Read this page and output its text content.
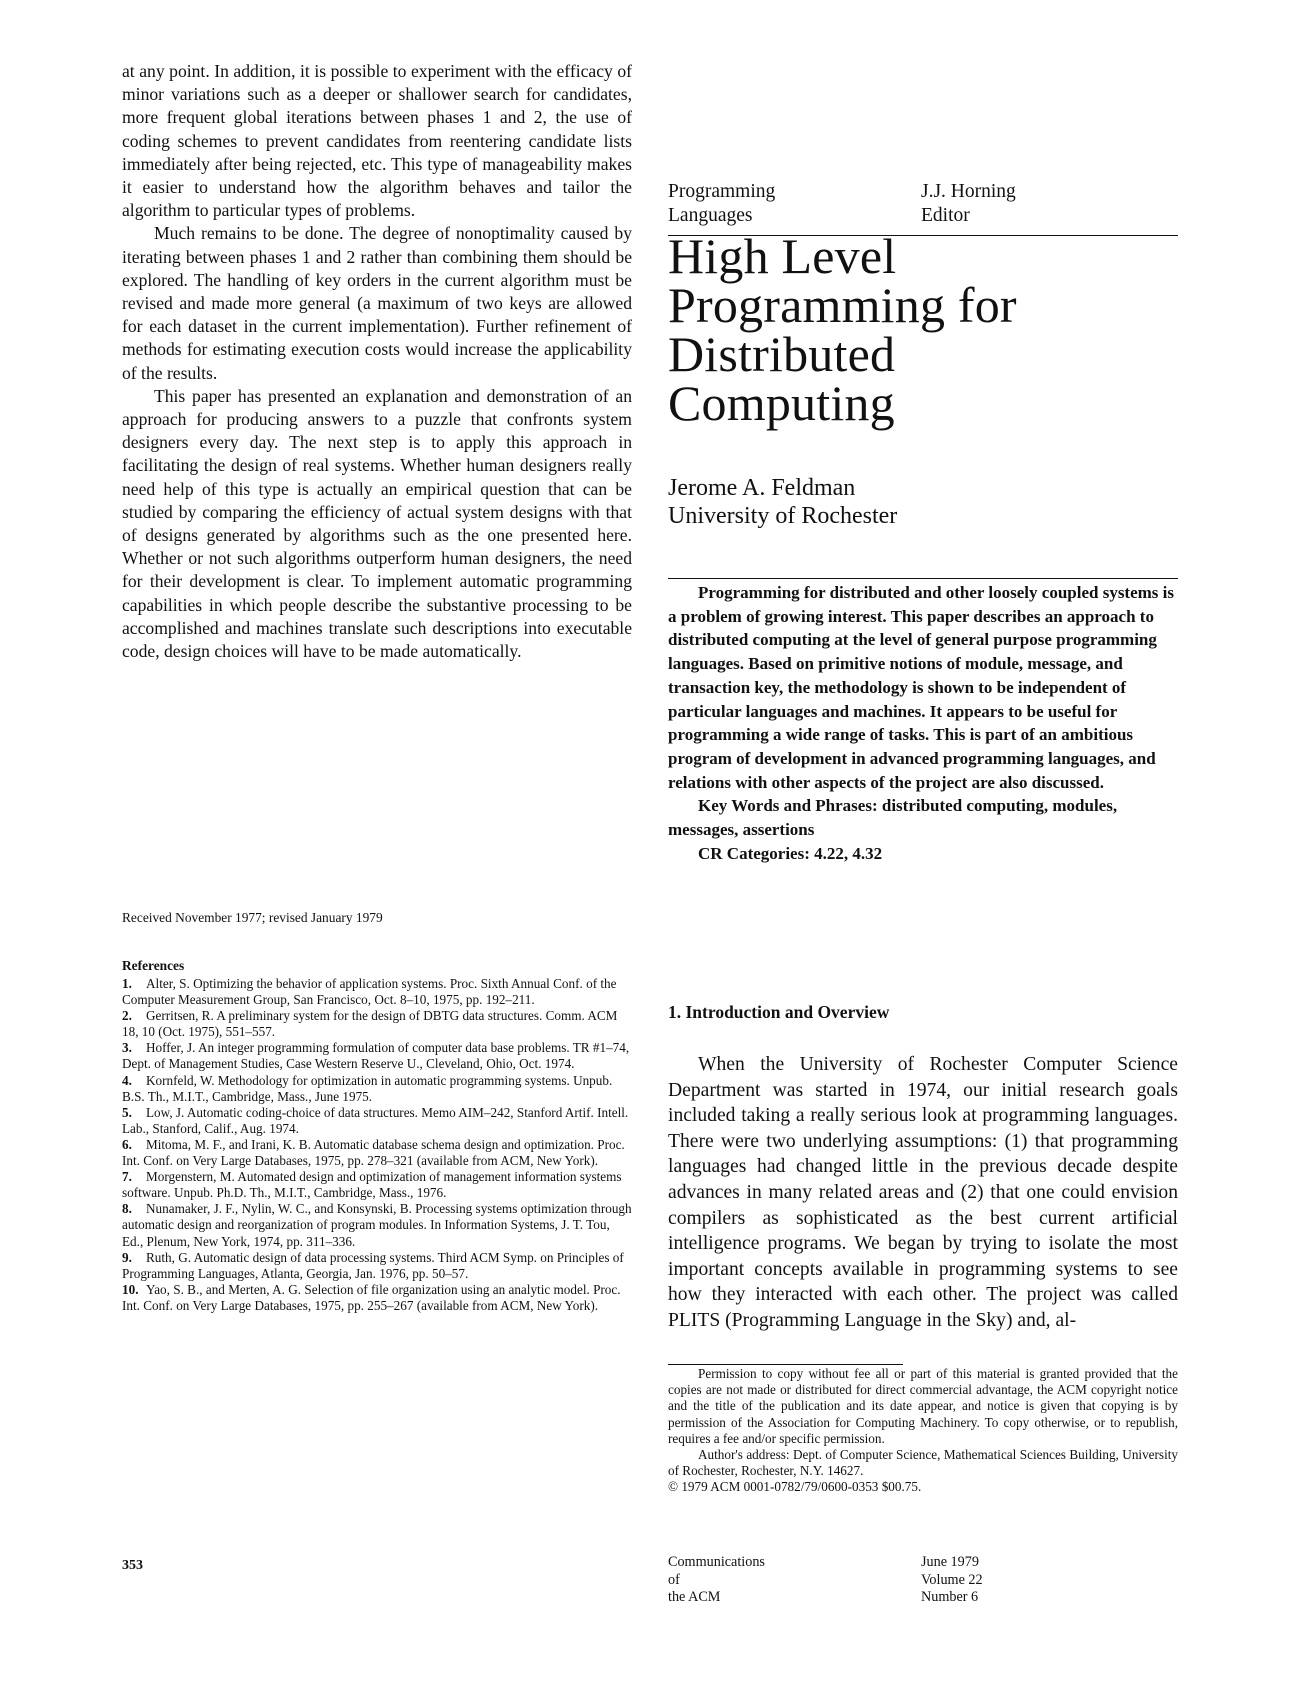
at any point. In addition, it is possible to experiment with the efficacy of minor variations such as a deeper or shallower search for candidates, more frequent global iterations between phases 1 and 2, the use of coding schemes to prevent candidates from reentering candidate lists immediately after being rejected, etc. This type of manageability makes it easier to understand how the algorithm behaves and tailor the algorithm to particular types of problems.

Much remains to be done. The degree of nonoptimality caused by iterating between phases 1 and 2 rather than combining them should be explored. The handling of key orders in the current algorithm must be revised and made more general (a maximum of two keys are allowed for each dataset in the current implementation). Further refinement of methods for estimating execution costs would increase the applicability of the results.

This paper has presented an explanation and demonstration of an approach for producing answers to a puzzle that confronts system designers every day. The next step is to apply this approach in facilitating the design of real systems. Whether human designers really need help of this type is actually an empirical question that can be studied by comparing the efficiency of actual system designs with that of designs generated by algorithms such as the one presented here. Whether or not such algorithms outperform human designers, the need for their development is clear. To implement automatic programming capabilities in which people describe the substantive processing to be accomplished and machines translate such descriptions into executable code, design choices will have to be made automatically.

Received November 1977; revised January 1979
References
1. Alter, S. Optimizing the behavior of application systems. Proc. Sixth Annual Conf. of the Computer Measurement Group, San Francisco, Oct. 8–10, 1975, pp. 192–211.
2. Gerritsen, R. A preliminary system for the design of DBTG data structures. Comm. ACM 18, 10 (Oct. 1975), 551–557.
3. Hoffer, J. An integer programming formulation of computer data base problems. TR #1–74, Dept. of Management Studies, Case Western Reserve U., Cleveland, Ohio, Oct. 1974.
4. Kornfeld, W. Methodology for optimization in automatic programming systems. Unpub. B.S. Th., M.I.T., Cambridge, Mass., June 1975.
5. Low, J. Automatic coding-choice of data structures. Memo AIM–242, Stanford Artif. Intell. Lab., Stanford, Calif., Aug. 1974.
6. Mitoma, M. F., and Irani, K. B. Automatic database schema design and optimization. Proc. Int. Conf. on Very Large Databases, 1975, pp. 278–321 (available from ACM, New York).
7. Morgenstern, M. Automated design and optimization of management information systems software. Unpub. Ph.D. Th., M.I.T., Cambridge, Mass., 1976.
8. Nunamaker, J. F., Nylin, W. C., and Konsynski, B. Processing systems optimization through automatic design and reorganization of program modules. In Information Systems, J. T. Tou, Ed., Plenum, New York, 1974, pp. 311–336.
9. Ruth, G. Automatic design of data processing systems. Third ACM Symp. on Principles of Programming Languages, Atlanta, Georgia, Jan. 1976, pp. 50–57.
10. Yao, S. B., and Merten, A. G. Selection of file organization using an analytic model. Proc. Int. Conf. on Very Large Databases, 1975, pp. 255–267 (available from ACM, New York).
353
Programming
Languages
J.J. Horning
Editor
High Level
Programming for
Distributed
Computing
Jerome A. Feldman
University of Rochester

Programming for distributed and other loosely coupled systems is a problem of growing interest. This paper describes an approach to distributed computing at the level of general purpose programming languages. Based on primitive notions of module, message, and transaction key, the methodology is shown to be independent of particular languages and machines. It appears to be useful for programming a wide range of tasks. This is part of an ambitious program of development in advanced programming languages, and relations with other aspects of the project are also discussed.

Key Words and Phrases: distributed computing, modules, messages, assertions

CR Categories: 4.22, 4.32

1. Introduction and Overview

When the University of Rochester Computer Science Department was started in 1974, our initial research goals included taking a really serious look at programming languages. There were two underlying assumptions: (1) that programming languages had changed little in the previous decade despite advances in many related areas and (2) that one could envision compilers as sophisticated as the best current artificial intelligence programs. We began by trying to isolate the most important concepts available in programming systems to see how they interacted with each other. The project was called PLITS (Programming Language in the Sky) and, al-

Permission to copy without fee all or part of this material is granted provided that the copies are not made or distributed for direct commercial advantage, the ACM copyright notice and the title of the publication and its date appear, and notice is given that copying is by permission of the Association for Computing Machinery. To copy otherwise, or to republish, requires a fee and/or specific permission.

Author's address: Dept. of Computer Science, Mathematical Sciences Building, University of Rochester, Rochester, N.Y. 14627.

© 1979 ACM 0001-0782/79/0600-0353 $00.75.

Communications
of
the ACM
June 1979
Volume 22
Number 6
